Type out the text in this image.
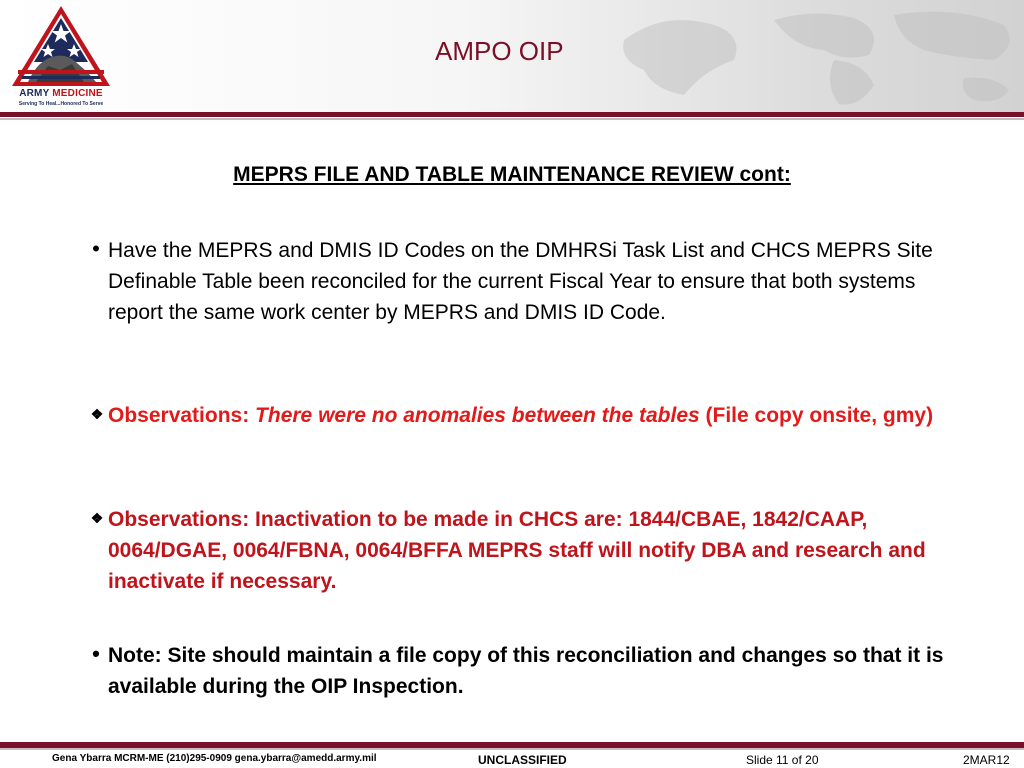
ARMY MEDICINE
Serving To Heal...Honored To Serve
AMPO OIP
MEPRS FILE AND TABLE MAINTENANCE REVIEW cont:
• Have the MEPRS and DMIS ID Codes on the DMHRSi Task List and CHCS MEPRS Site Definable Table been reconciled for the current Fiscal Year to ensure that both systems report the same work center by MEPRS and DMIS ID Code.
❖ Observations: There were no anomalies between the tables (File copy onsite, gmy)
❖ Observations: Inactivation to be made in CHCS are: 1844/CBAE, 1842/CAAP, 0064/DGAE, 0064/FBNA, 0064/BFFA MEPRS staff will notify DBA and research and inactivate if necessary.
• Note: Site should maintain a file copy of this reconciliation and changes so that it is available during the OIP Inspection.
Gena Ybarra MCRM-ME (210)295-0909 gena.ybarra@amedd.army.mil	UNCLASSIFIED	Slide 11 of 20	2MAR12
